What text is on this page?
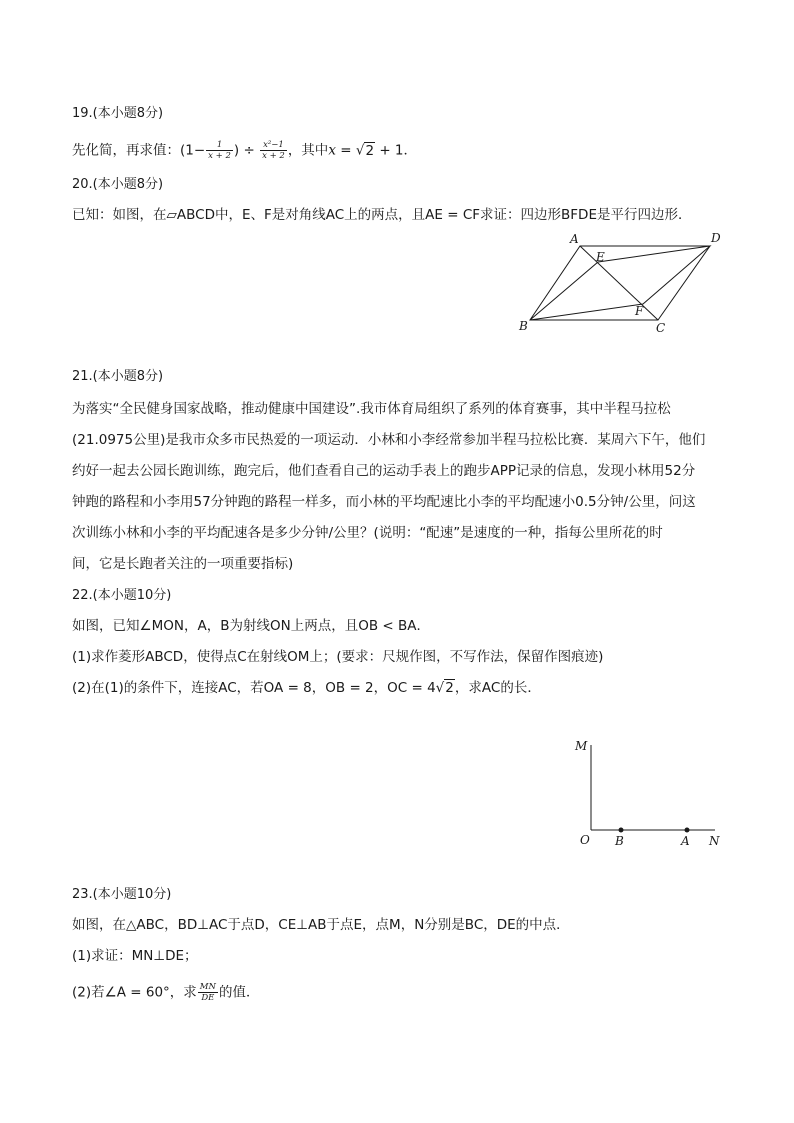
19.(本小题8分)
先化简，再求值：($1- \frac{1}{x + 2}$ ) ÷ $\frac{\text{x²−1}}{x + 2}$ ，其中x = √2 + 1．
20.(本小题8分)
已知：如图，在▱ABCD中，E、F是对角线AC上的两点，且AE = CF求证：四边形BFDE是平行四边形．
A	D
E
F
B	C
21.(本小题8分)
为落实“全民健身国家战略，推动健康中国建设”.我市体育局组织了系列的体育赛事，其中半程马拉松
(21.0975公里)是我市众多市民热爱的一项运动．小林和小李经常参加半程马拉松比赛．某周六下午，他们
约好一起去公园长跑训练，跑完后，他们查看自己的运动手表上的跑步APP记录的信息，发现小林用52分
钟跑的路程和小李用57分钟跑的路程一样多，而小林的平均配速比小李的平均配速小0.5分钟/公里，问这
次训练小林和小李的平均配速各是多少分钟/公里？(说明：“配速”是速度的一种，指每公里所花的时
间，它是长跑者关注的一项重要指标)
22.(本小题10分)
如图，已知∠MON，A，B为射线ON上两点，且OB < BA．
(1)求作菱形ABCD，使得点C在射线OM上；(要求：尺规作图，不写作法，保留作图痕迹)
(2)在(1)的条件下，连接AC，若OA = 8，OB = 2，OC = 4√2，求AC的长．
M
O B	A N
23.(本小题10分)
如图，在△ABC，BD⊥AC于点D，CE⊥AB于点E，点M，N分别是BC，DE的中点．
(1)求证：MN⊥DE；
(2)若∠A = 60°，求 $\frac{MN}{DE}$ 的值．
